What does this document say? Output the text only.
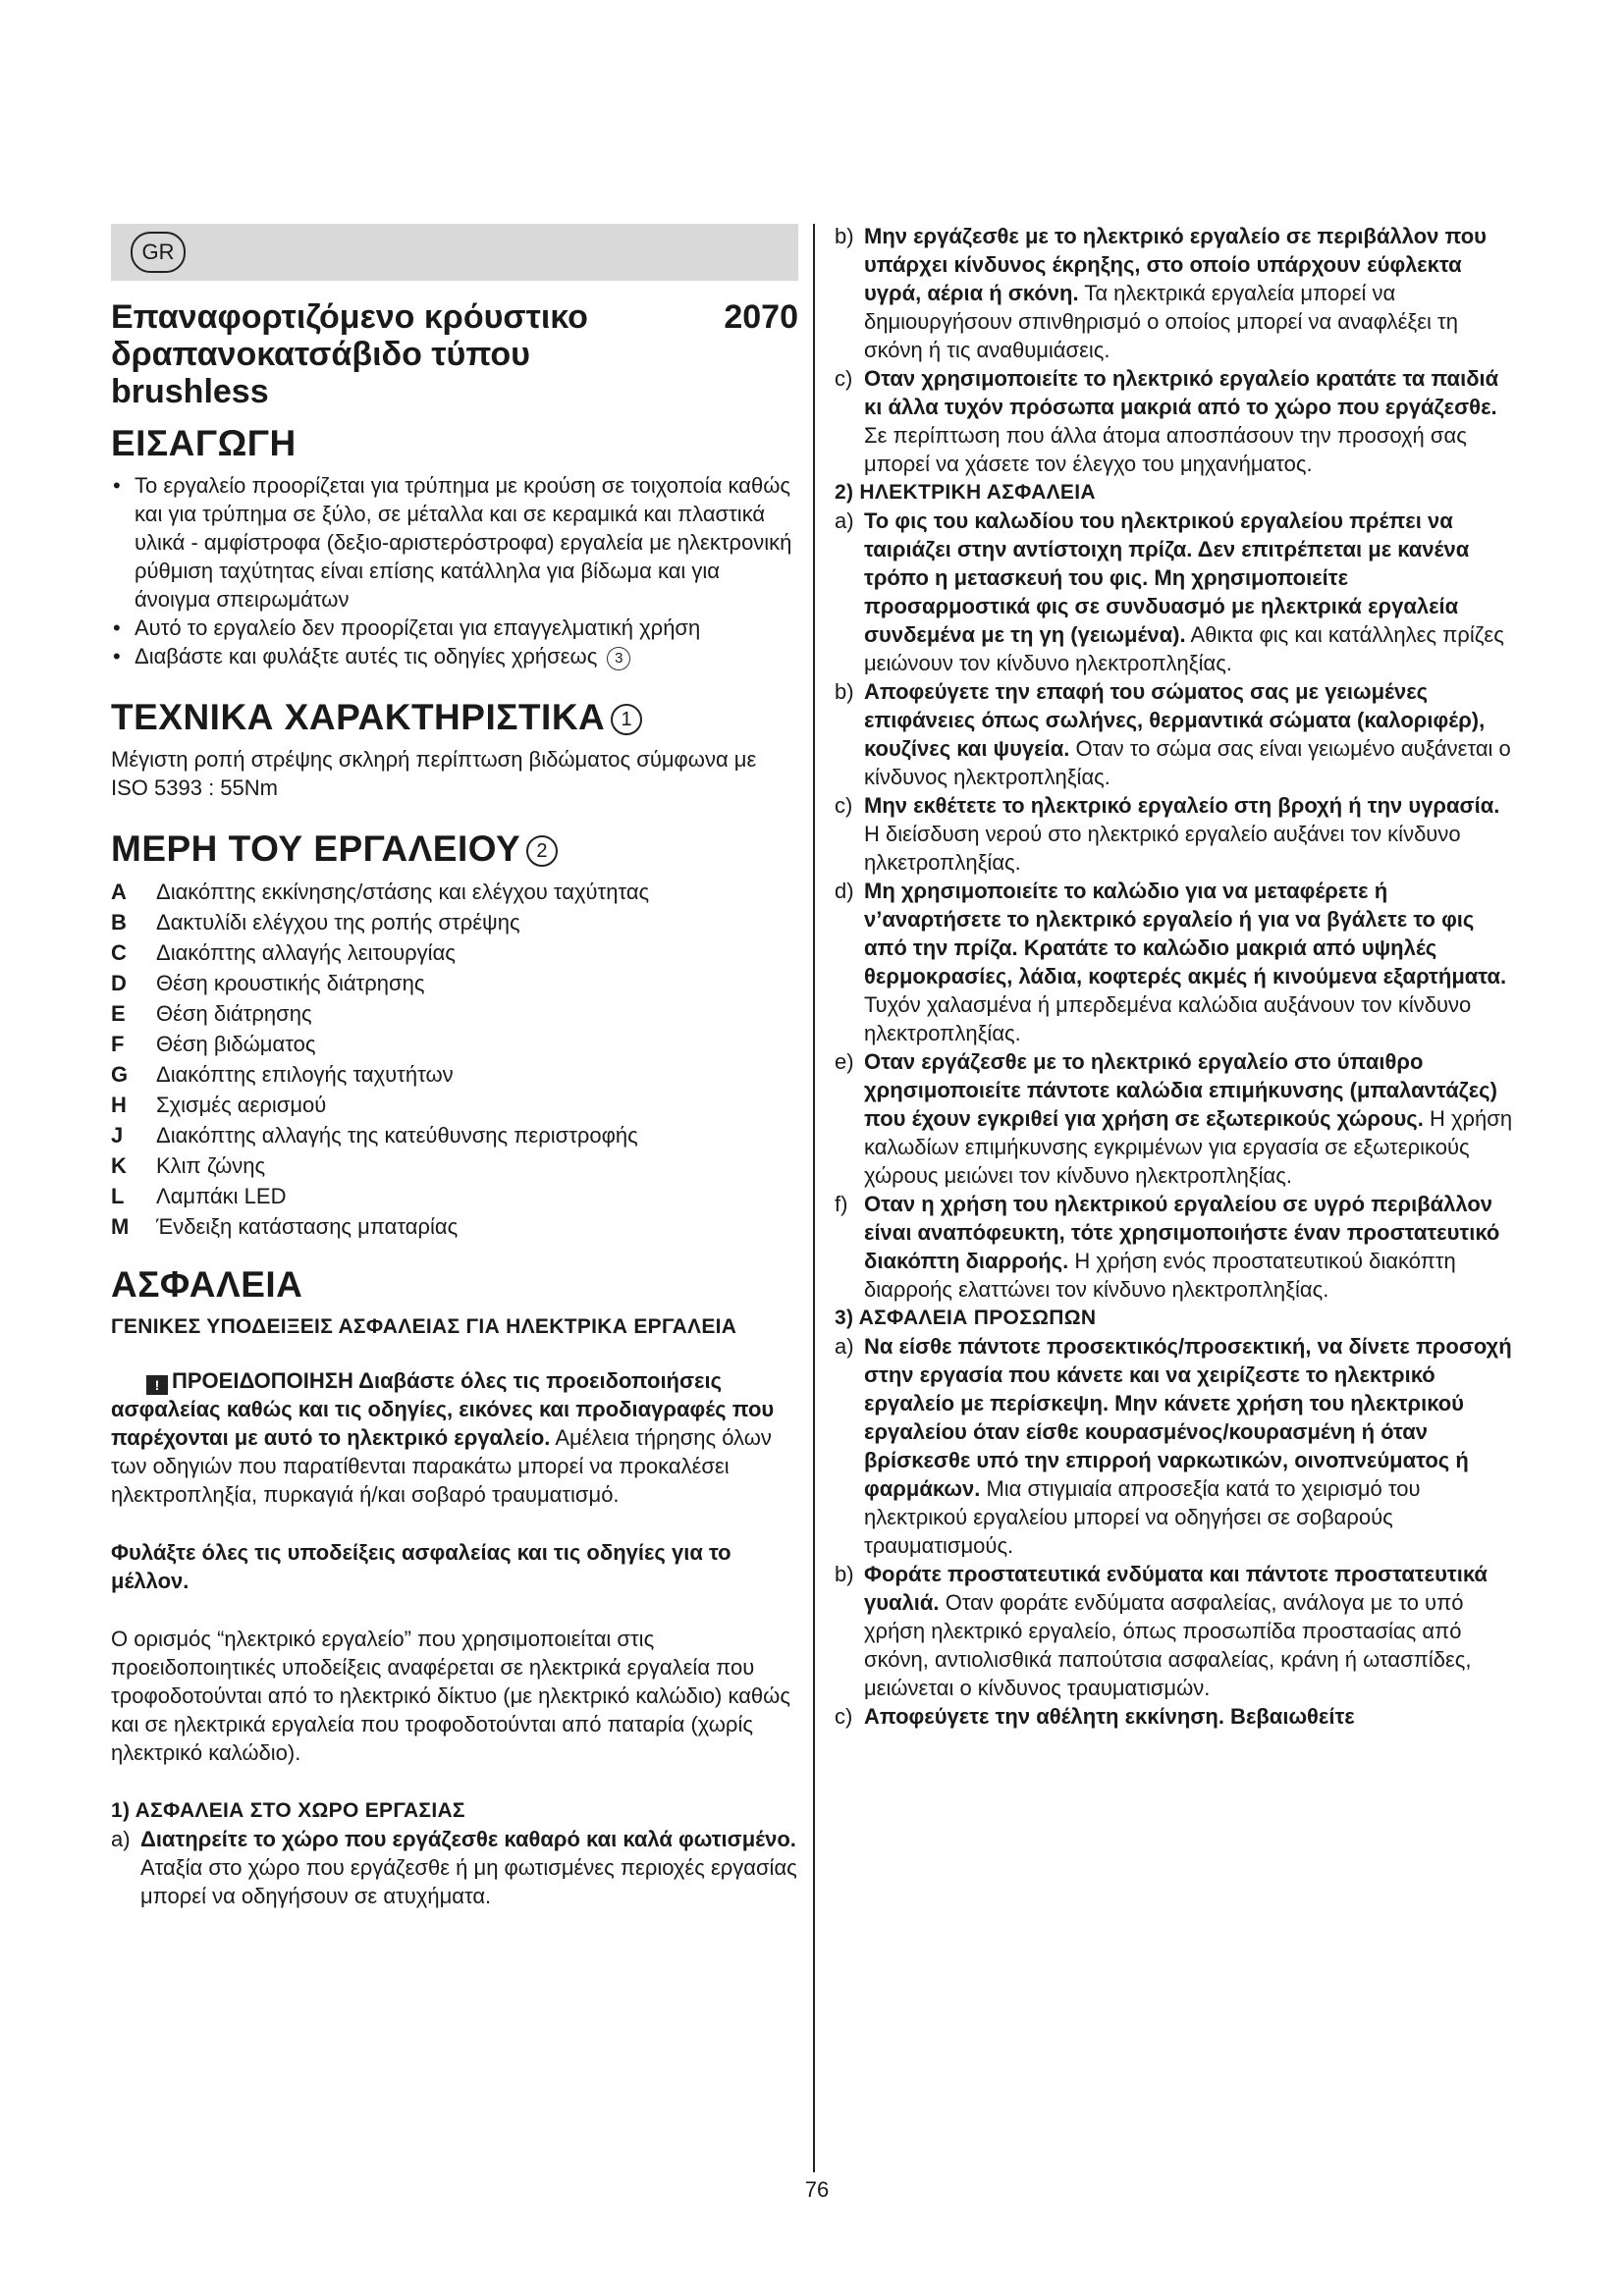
GR
Επαναφορτιζόμενο κρόυστικο δραπανοκατσάβιδο τύπου brushless
2070
ΕΙΣΑΓΩΓΗ
• Το εργαλείο προορίζεται για τρύπημα με κρούση σε τοιχοποία καθώς και για τρύπημα σε ξύλο, σε μέταλλα και σε κεραμικά και πλαστικά υλικά - αμφίστροφα (δεξιο-αριστερόστροφα) εργαλεία με ηλεκτρονική ρύθμιση ταχύτητας είναι επίσης κατάλληλα για βίδωμα και για άνοιγμα σπειρωμάτων
• Αυτό το εργαλείο δεν προορίζεται για επαγγελματική χρήση
• Διαβάστε και φυλάξτε αυτές τις οδηγίες χρήσεως 3
ΤΕΧΝΙΚΑ ΧΑΡΑΚΤΗΡΙΣΤΙΚΑ 1

Μέγιστη ροπή στρέψης σκληρή περίπτωση βιδώματος σύμφωνα με ISO 5393 : 55Nm

ΜΕΡΗ ΤΟΥ ΕΡΓΑΛΕΙΟΥ 2
A	Διακόπτης εκκίνησης/στάσης και ελέγχου ταχύτητας
B	Δακτυλίδι ελέγχου της ροπής στρέψης
C	Διακόπτης αλλαγής λειτουργίας
D	Θέση κρουστικής διάτρησης
E	Θέση διάτρησης
F	Θέση βιδώματος
G	Διακόπτης επιλογής ταχυτήτων
H	Σχισμές αερισμού
J	Διακόπτης αλλαγής της κατεύθυνσης περιστροφής
K	Κλιπ ζώνης
L	Λαμπάκι LED
M	Ένδειξη κατάστασης μπαταρίας
ΑΣΦΑΛΕΙΑ
ΓΕΝΙΚΕΣ ΥΠΟΔΕΙΞΕΙΣ ΑΣΦΑΛΕΙΑΣ ΓΙΑ ΗΛΕΚΤΡΙΚΑ ΕΡΓΑΛΕΙΑ

! ΠΡΟΕΙΔΟΠΟΙΗΣΗ Διαβάστε όλες τις προειδοποιήσεις ασφαλείας καθώς και τις οδηγίες, εικόνες και προδιαγραφές που παρέχονται με αυτό το ηλεκτρικό εργαλείο. Αμέλεια τήρησης όλων των οδηγιών που παρατίθενται παρακάτω μπορεί να προκαλέσει ηλεκτροπληξία, πυρκαγιά ή/και σοβαρό τραυματισμό.

Φυλάξτε όλες τις υποδείξεις ασφαλείας και τις οδηγίες για το μέλλον.

Ο ορισμός “ηλεκτρικό εργαλείο” που χρησιμοποιείται στις προειδοποιητικές υποδείξεις αναφέρεται σε ηλεκτρικά εργαλεία που τροφοδοτούνται από το ηλεκτρικό δίκτυο (με ηλεκτρικό καλώδιο) καθώς και σε ηλεκτρικά εργαλεία που τροφοδοτούνται από παταρία (χωρίς ηλεκτρικό καλώδιο).

1) ΑΣΦΑΛΕΙΑ ΣΤΟ ΧΩΡΟ ΕΡΓΑΣΙΑΣ
a) Διατηρείτε το χώρο που εργάζεσθε καθαρό και καλά φωτισμένο. Αταξία στο χώρο που εργάζεσθε ή μη φωτισμένες περιοχές εργασίας μπορεί να οδηγήσουν σε ατυχήματα.
b) Μην εργάζεσθε με το ηλεκτρικό εργαλείο σε περιβάλλον που υπάρχει κίνδυνος έκρηξης, στο οποίο υπάρχουν εύφλεκτα υγρά, αέρια ή σκόνη. Τα ηλεκτρικά εργαλεία μπορεί να δημιουργήσουν σπινθηρισμό ο οποίος μπορεί να αναφλέξει τη σκόνη ή τις αναθυμιάσεις.
c) Οταν χρησιμοποιείτε το ηλεκτρικό εργαλείο κρατάτε τα παιδιά κι άλλα τυχόν πρόσωπα μακριά από το χώρο που εργάζεσθε. Σε περίπτωση που άλλα άτομα αποσπάσουν την προσοχή σας μπορεί να χάσετε τον έλεγχο του μηχανήματος.
2) ΗΛΕΚΤΡΙΚΗ ΑΣΦΑΛΕΙΑ
a) Το φις του καλωδίου του ηλεκτρικού εργαλείου πρέπει να ταιριάζει στην αντίστοιχη πρίζα. Δεν επιτρέπεται με κανένα τρόπο η μετασκευή του φις. Μη χρησιμοποιείτε προσαρμοστικά φις σε συνδυασμό με ηλεκτρικά εργαλεία συνδεμένα με τη γη (γειωμένα). Αθικτα φις και κατάλληλες πρίζες μειώνουν τον κίνδυνο ηλεκτροπληξίας.
b) Αποφεύγετε την επαφή του σώματος σας με γειωμένες επιφάνειες όπως σωλήνες, θερμαντικά σώματα (καλοριφέρ), κουζίνες και ψυγεία. Οταν το σώμα σας είναι γειωμένο αυξάνεται ο κίνδυνος ηλεκτροπληξίας.
c) Μην εκθέτετε το ηλεκτρικό εργαλείο στη βροχή ή την υγρασία. Η διείσδυση νερού στο ηλεκτρικό εργαλείο αυξάνει τον κίνδυνο ηλκετροπληξίας.
d) Μη χρησιμοποιείτε το καλώδιο για να μεταφέρετε ή ν’αναρτήσετε το ηλεκτρικό εργαλείο ή για να βγάλετε το φις από την πρίζα. Κρατάτε το καλώδιο μακριά από υψηλές θερμοκρασίες, λάδια, κοφτερές ακμές ή κινούμενα εξαρτήματα. Τυχόν χαλασμένα ή μπερδεμένα καλώδια αυξάνουν τον κίνδυνο ηλεκτροπληξίας.
e) Οταν εργάζεσθε με το ηλεκτρικό εργαλείο στο ύπαιθρο χρησιμοποιείτε πάντοτε καλώδια επιμήκυνσης (μπαλαντάζες) που έχουν εγκριθεί για χρήση σε εξωτερικούς χώρους. Η χρήση καλωδίων επιμήκυνσης εγκριμένων για εργασία σε εξωτερικούς χώρους μειώνει τον κίνδυνο ηλεκτροπληξίας.
f) Οταν η χρήση του ηλεκτρικού εργαλείου σε υγρό περιβάλλον είναι αναπόφευκτη, τότε χρησιμοποιήστε έναν προστατευτικό διακόπτη διαρροής. Η χρήση ενός προστατευτικού διακόπτη διαρροής ελαττώνει τον κίνδυνο ηλεκτροπληξίας.
3) ΑΣΦΑΛΕΙΑ ΠΡΟΣΩΠΩΝ
a) Να είσθε πάντοτε προσεκτικός/προσεκτική, να δίνετε προσοχή στην εργασία που κάνετε και να χειρίζεστε το ηλεκτρικό εργαλείο με περίσκεψη. Μην κάνετε χρήση του ηλεκτρικού εργαλείου όταν είσθε κουρασμένος/κουρασμένη ή όταν βρίσκεσθε υπό την επιρροή ναρκωτικών, οινοπνεύματος ή φαρμάκων. Μια στιγμιαία απροσεξία κατά το χειρισμό του ηλεκτρικού εργαλείου μπορεί να οδηγήσει σε σοβαρούς τραυματισμούς.
b) Φοράτε προστατευτικά ενδύματα και πάντοτε προστατευτικά γυαλιά. Οταν φοράτε ενδύματα ασφαλείας, ανάλογα με το υπό χρήση ηλεκτρικό εργαλείο, όπως προσωπίδα προστασίας από σκόνη, αντιολισθικά παπούτσια ασφαλείας, κράνη ή ωτασπίδες, μειώνεται ο κίνδυνος τραυματισμών.
c) Αποφεύγετε την αθέλητη εκκίνηση. Βεβαιωθείτε
76
